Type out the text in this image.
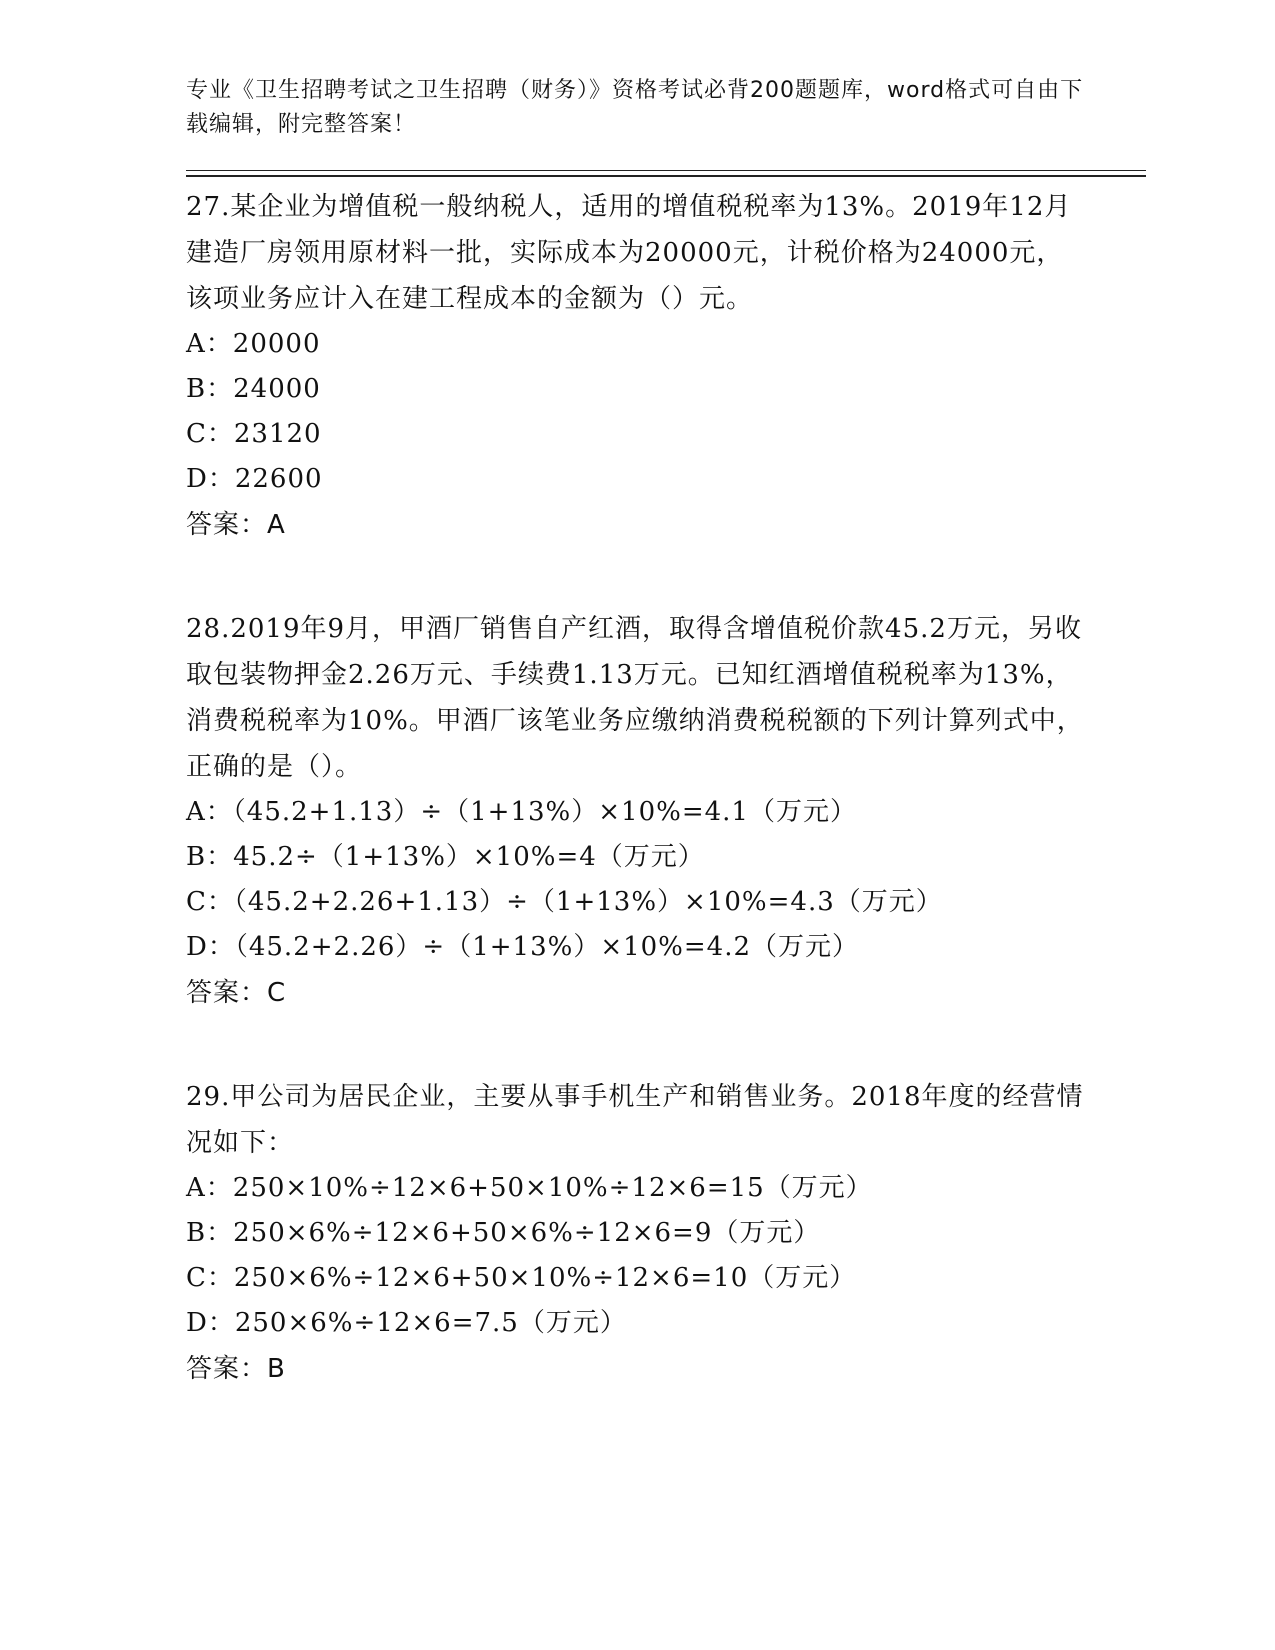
专业《卫生招聘考试之卫生招聘（财务）》资格考试必背200题题库，word格式可自由下载编辑，附完整答案！

27.某企业为增值税一般纳税人，适用的增值税税率为13%。2019年12月建造厂房领用原材料一批，实际成本为20000元，计税价格为24000元，该项业务应计入在建工程成本的金额为（）元。

A：20000

B：24000

C：23120

D：22600

答案：A

28.2019年9月，甲酒厂销售自产红酒，取得含增值税价款45.2万元，另收取包装物押金2.26万元、手续费1.13万元。已知红酒增值税税率为13%，消费税税率为10%。甲酒厂该笔业务应缴纳消费税税额的下列计算列式中，正确的是（）。

A：（45.2+1.13）÷（1+13%）×10%=4.1（万元）

B：45.2÷（1+13%）×10%=4（万元）

C：（45.2+2.26+1.13）÷（1+13%）×10%=4.3（万元）

D：（45.2+2.26）÷（1+13%）×10%=4.2（万元）

答案：C

29.甲公司为居民企业，主要从事手机生产和销售业务。2018年度的经营情况如下：

A：250×10%÷12×6+50×10%÷12×6=15（万元）

B：250×6%÷12×6+50×6%÷12×6=9（万元）

C：250×6%÷12×6+50×10%÷12×6=10（万元）

D：250×6%÷12×6=7.5（万元）

答案：B
